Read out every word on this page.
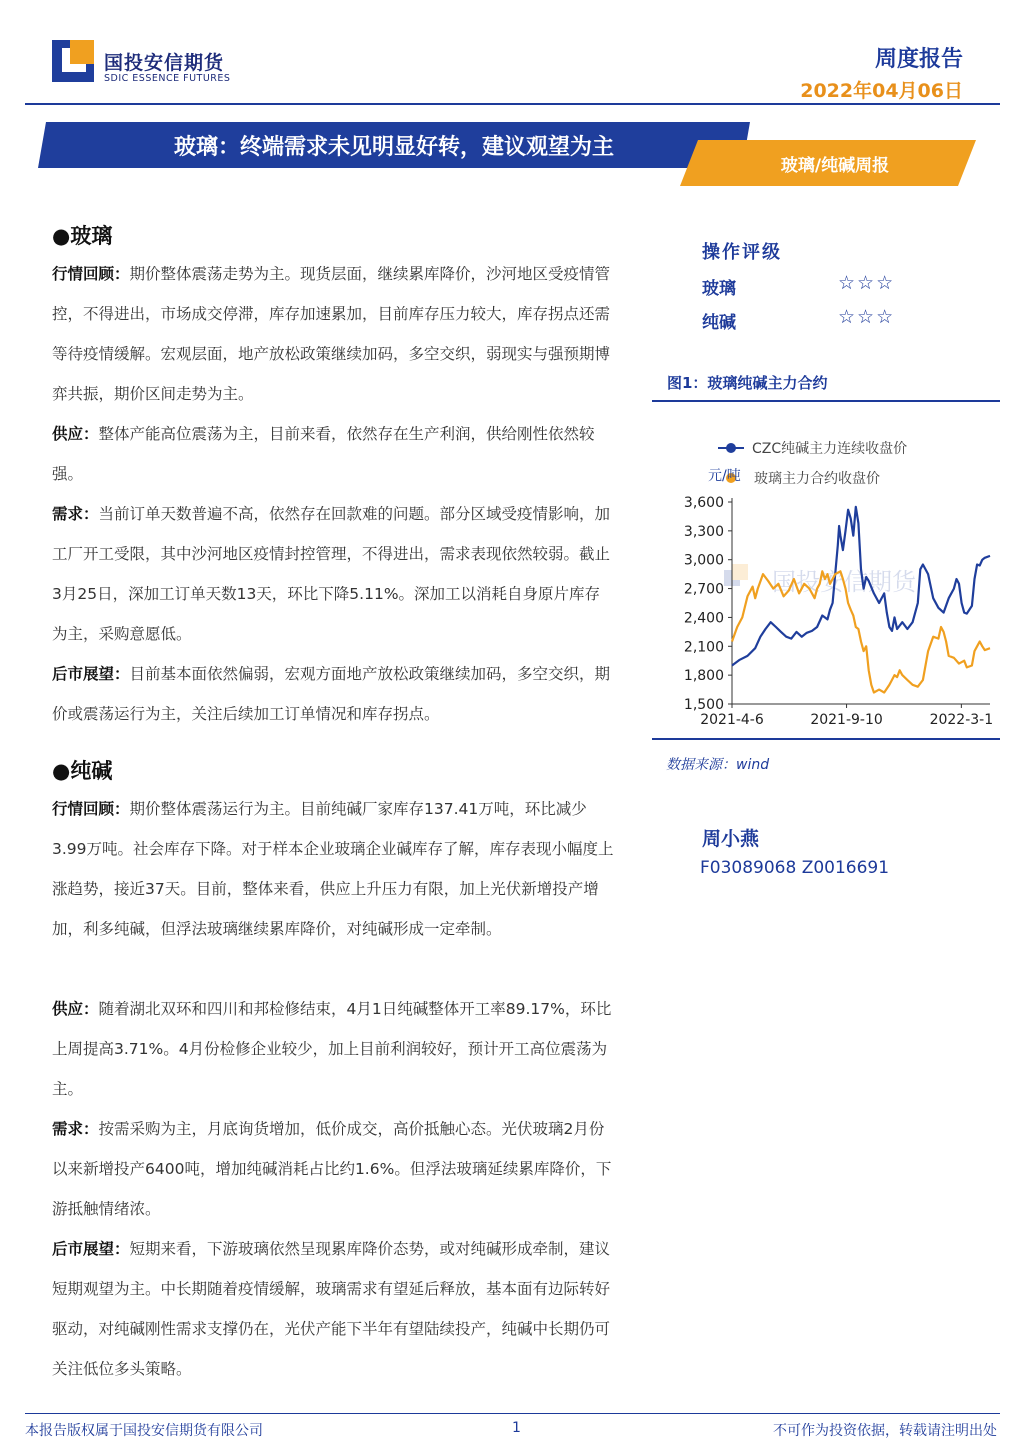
国投安信期货
SDIC ESSENCE FUTURES
周度报告
2022年04月06日
玻璃：终端需求未见明显好转，建议观望为主
玻璃/纯碱周报
●玻璃
行情回顾：期价整体震荡走势为主。现货层面，继续累库降价，沙河地区受疫情管控，不得进出，市场成交停滞，库存加速累加，目前库存压力较大，库存拐点还需等待疫情缓解。宏观层面，地产放松政策继续加码，多空交织，弱现实与强预期博弈共振，期价区间走势为主。
供应：整体产能高位震荡为主，目前来看，依然存在生产利润，供给刚性依然较强。
需求：当前订单天数普遍不高，依然存在回款难的问题。部分区域受疫情影响，加工厂开工受限，其中沙河地区疫情封控管理，不得进出，需求表现依然较弱。截止3月25日，深加工订单天数13天，环比下降5.11%。深加工以消耗自身原片库存为主，采购意愿低。
后市展望：目前基本面依然偏弱，宏观方面地产放松政策继续加码，多空交织，期价或震荡运行为主，关注后续加工订单情况和库存拐点。
●纯碱
行情回顾：期价整体震荡运行为主。目前纯碱厂家库存137.41万吨，环比减少3.99万吨。社会库存下降。对于样本企业玻璃企业碱库存了解，库存表现小幅度上涨趋势，接近37天。目前，整体来看，供应上升压力有限，加上光伏新增投产增加，利多纯碱，但浮法玻璃继续累库降价，对纯碱形成一定牵制。
供应：随着湖北双环和四川和邦检修结束，4月1日纯碱整体开工率89.17%，环比上周提高3.71%。4月份检修企业较少，加上目前利润较好，预计开工高位震荡为主。
需求：按需采购为主，月底询货增加，低价成交，高价抵触心态。光伏玻璃2月份以来新增投产6400吨，增加纯碱消耗占比约1.6%。但浮法玻璃延续累库降价，下游抵触情绪浓。
后市展望：短期来看，下游玻璃依然呈现累库降价态势，或对纯碱形成牵制，建议短期观望为主。中长期随着疫情缓解，玻璃需求有望延后释放，基本面有边际转好驱动，对纯碱刚性需求支撑仍在，光伏产能下半年有望陆续投产，纯碱中长期仍可关注低位多头策略。
操作评级
玻璃	☆☆☆
纯碱	☆☆☆
图1：玻璃纯碱主力合约
CZC纯碱主力连续收盘价
玻璃主力合约收盘价
元/吨
国投安信期货
3,600
3,300
3,000
2,700
2,400
2,100
1,800
1,500
2021-4-6	2021-9-10	2022-3-1
数据来源：wind
周小燕
F03089068 Z0016691
本报告版权属于国投安信期货有限公司	1	不可作为投资依据，转载请注明出处
